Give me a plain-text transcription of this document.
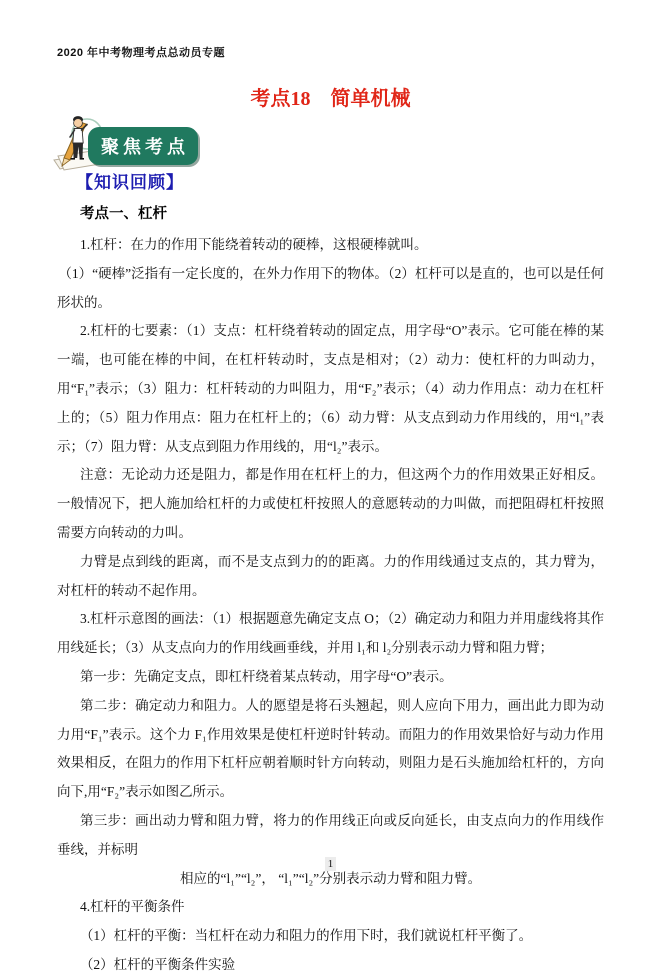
2020 年中考物理考点总动员专题
考点18　简单机械
聚焦考点
【知识回顾】
考点一、杠杆

1.杠杆：在力的作用下能绕着转动的硬棒，这根硬棒就叫。

（1）“硬棒”泛指有一定长度的，在外力作用下的物体。（2）杠杆可以是直的，也可以是任何形状的。

2.杠杆的七要素：（1）支点：杠杆绕着转动的固定点，用字母“O”表示。它可能在棒的某一端，也可能在棒的中间，在杠杆转动时，支点是相对；（2）动力：使杠杆的力叫动力，用“F₁”表示；（3）阻力：杠杆转动的力叫阻力，用“F₂”表示；（4）动力作用点：动力在杠杆上的；（5）阻力作用点：阻力在杠杆上的；（6）动力臂：从支点到动力作用线的，用“l₁”表示；（7）阻力臂：从支点到阻力作用线的，用“l₂”表示。

注意：无论动力还是阻力，都是作用在杠杆上的力，但这两个力的作用效果正好相反。一般情况下，把人施加给杠杆的力或使杠杆按照人的意愿转动的力叫做，而把阻碍杠杆按照需要方向转动的力叫。

力臂是点到线的距离，而不是支点到力的的距离。力的作用线通过支点的，其力臂为，对杠杆的转动不起作用。

3.杠杆示意图的画法：（1）根据题意先确定支点 O；（2）确定动力和阻力并用虚线将其作用线延长；（3）从支点向力的作用线画垂线，并用 l₁和 l₂分别表示动力臂和阻力臂；

第一步：先确定支点，即杠杆绕着某点转动，用字母“O”表示。

第二步：确定动力和阻力。人的愿望是将石头翘起，则人应向下用力，画出此力即为动力用“F₁”表示。这个力 F₁作用效果是使杠杆逆时针转动。而阻力的作用效果恰好与动力作用效果相反，在阻力的作用下杠杆应朝着顺时针方向转动，则阻力是石头施加给杠杆的，方向向下,用“F₂”表示如图乙所示。

第三步：画出动力臂和阻力臂，将力的作用线正向或反向延长，由支点向力的作用线作垂线，并标明

相应的“l₁”“l₂”， “l₁”“l₂”分别表示动力臂和阻力臂。

4.杠杆的平衡条件

（1）杠杆的平衡：当杠杆在动力和阻力的作用下时，我们就说杠杆平衡了。

（2）杠杆的平衡条件实验

1
